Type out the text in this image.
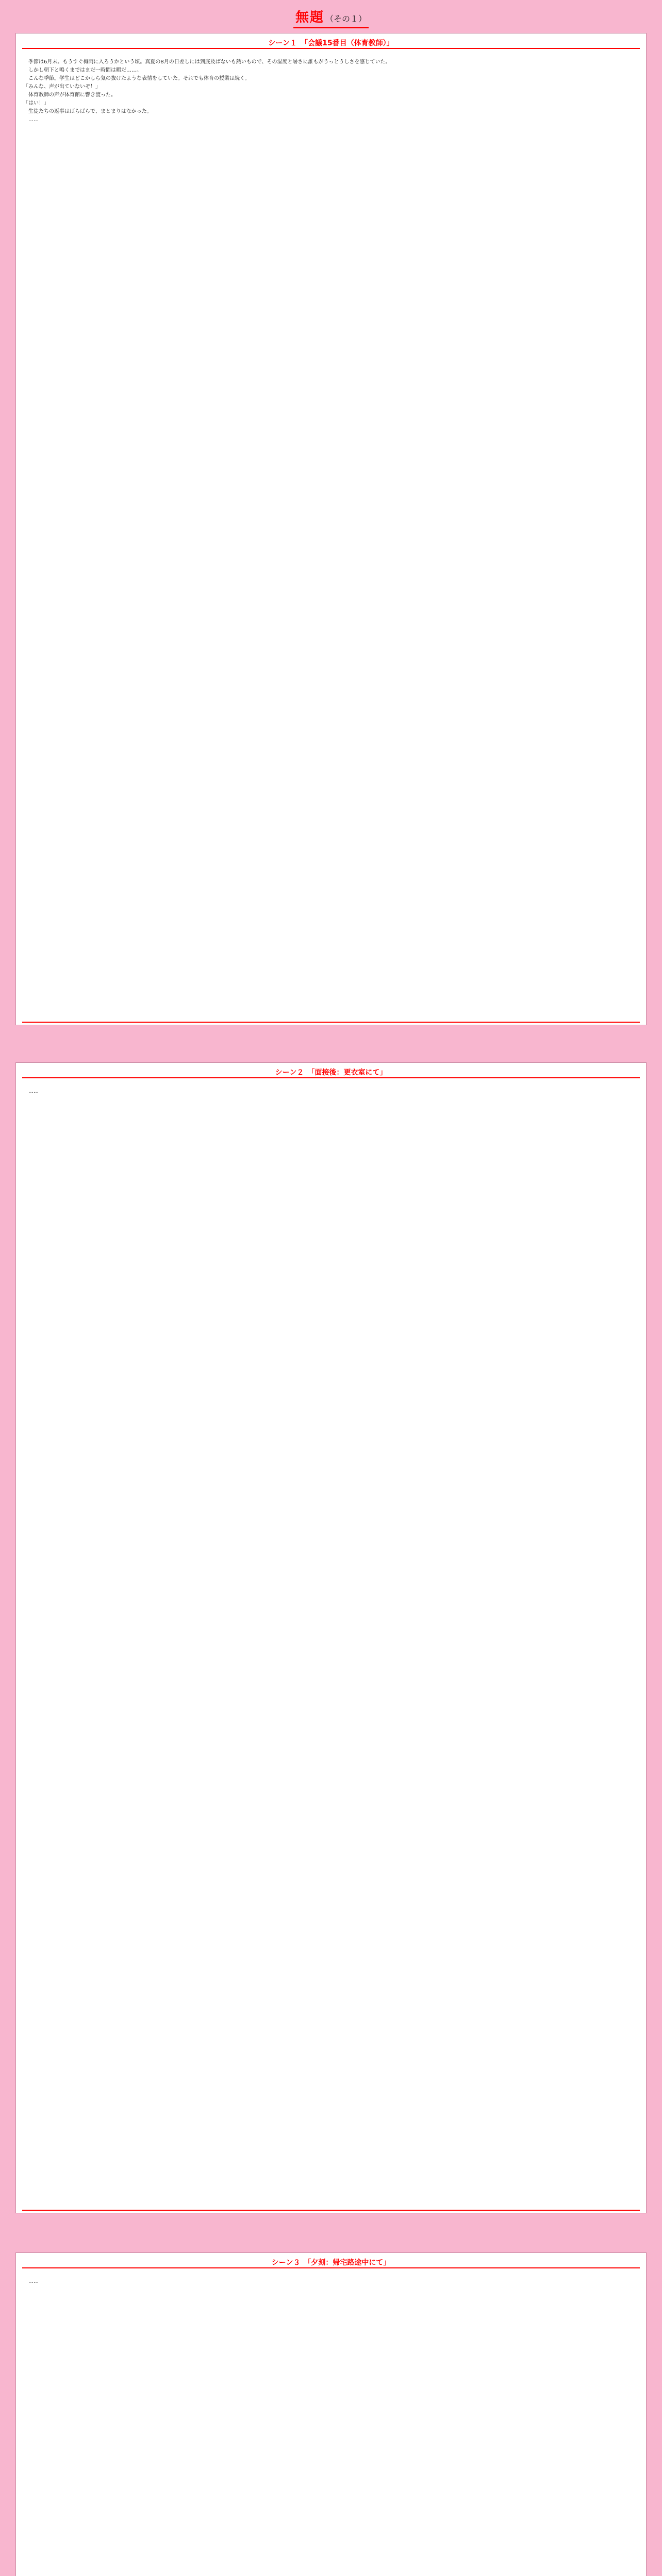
無題 （その１）
シーン１　「会議15番目（体育教師）」

季節は6月末。もうすぐ梅雨に入ろうかという頃。真夏の8月の日差しには到底及ばないも熱いもので、その湿度と暑さに誰もがうっとうしさを感じていた。

しかし朝下と鳴くまではまだ一時間は暇だ……。

こんな季節。学生はどこかしら気の抜けたような表情をしていた。それでも体育の授業は続く。

「みんな、声が出ていないぞ！」

体育教師の声が体育館に響き渡った。

「はい！」

生徒たちの返事はばらばらで、まとまりはなかった。

……

シーン２　「面接後：更衣室にて」

……

シーン３　「夕刻：帰宅路途中にて」

……
